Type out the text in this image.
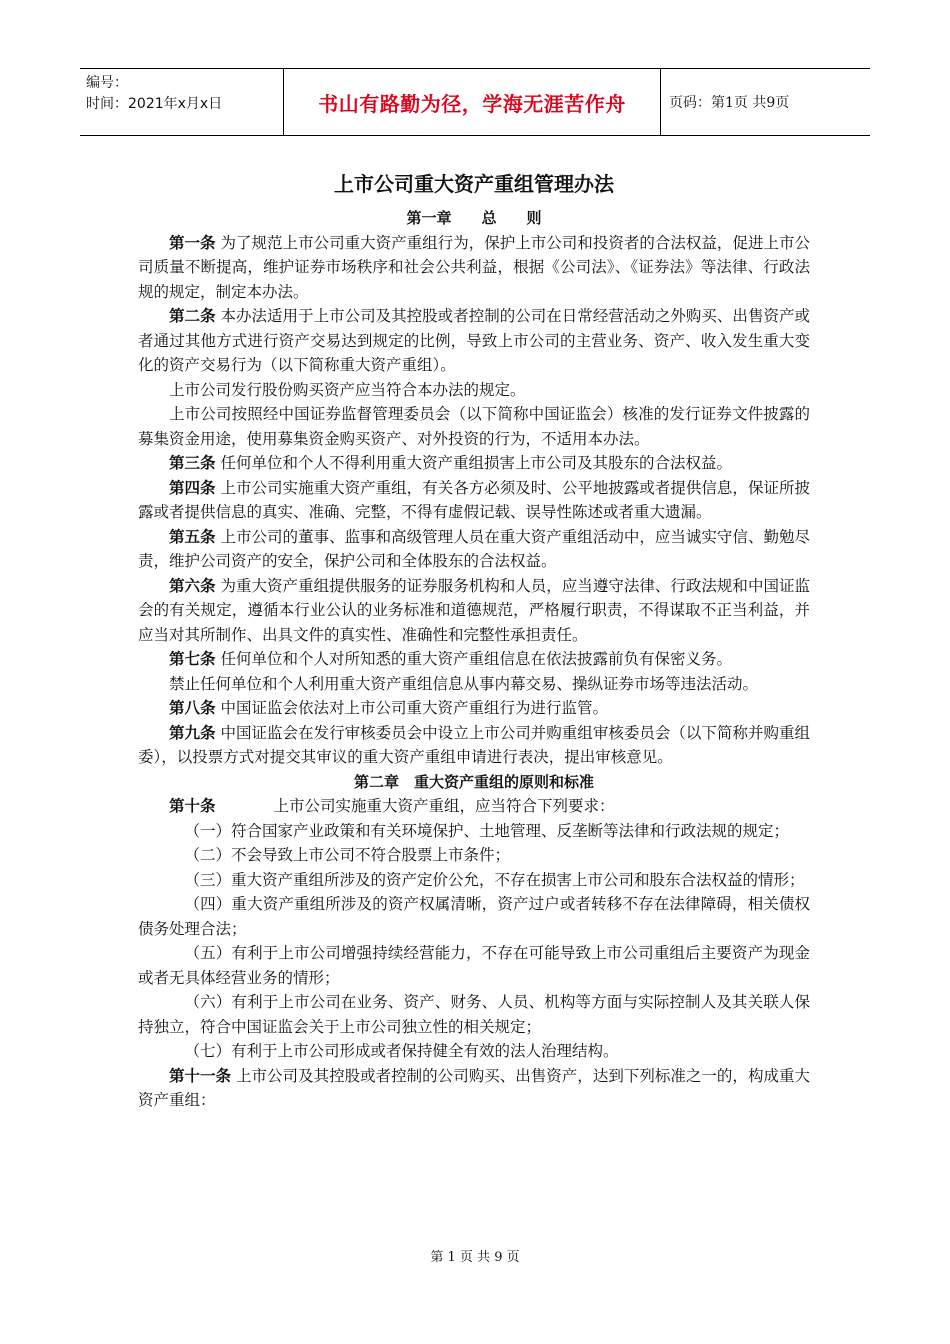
编号：
时间：2021年x月x日	书山有路勤为径，学海无涯苦作舟	页码：第1页 共9页
上市公司重大资产重组管理办法
第一章　　总　　则

第一条 为了规范上市公司重大资产重组行为，保护上市公司和投资者的合法权益，促进上市公司质量不断提高，维护证券市场秩序和社会公共利益，根据《公司法》、《证券法》等法律、行政法规的规定，制定本办法。

第二条 本办法适用于上市公司及其控股或者控制的公司在日常经营活动之外购买、出售资产或者通过其他方式进行资产交易达到规定的比例，导致上市公司的主营业务、资产、收入发生重大变化的资产交易行为（以下简称重大资产重组）。

上市公司发行股份购买资产应当符合本办法的规定。

上市公司按照经中国证券监督管理委员会（以下简称中国证监会）核准的发行证券文件披露的募集资金用途，使用募集资金购买资产、对外投资的行为，不适用本办法。

第三条 任何单位和个人不得利用重大资产重组损害上市公司及其股东的合法权益。

第四条 上市公司实施重大资产重组，有关各方必须及时、公平地披露或者提供信息，保证所披露或者提供信息的真实、准确、完整，不得有虚假记载、误导性陈述或者重大遗漏。

第五条 上市公司的董事、监事和高级管理人员在重大资产重组活动中，应当诚实守信、勤勉尽责，维护公司资产的安全，保护公司和全体股东的合法权益。

第六条 为重大资产重组提供服务的证券服务机构和人员，应当遵守法律、行政法规和中国证监会的有关规定，遵循本行业公认的业务标准和道德规范，严格履行职责，不得谋取不正当利益，并应当对其所制作、出具文件的真实性、准确性和完整性承担责任。

第七条 任何单位和个人对所知悉的重大资产重组信息在依法披露前负有保密义务。

禁止任何单位和个人利用重大资产重组信息从事内幕交易、操纵证券市场等违法活动。

第八条 中国证监会依法对上市公司重大资产重组行为进行监管。

第九条 中国证监会在发行审核委员会中设立上市公司并购重组审核委员会（以下简称并购重组委），以投票方式对提交其审议的重大资产重组申请进行表决，提出审核意见。

第二章　重大资产重组的原则和标准

第十条	上市公司实施重大资产重组，应当符合下列要求：

（一）符合国家产业政策和有关环境保护、土地管理、反垄断等法律和行政法规的规定；

（二）不会导致上市公司不符合股票上市条件；

（三）重大资产重组所涉及的资产定价公允，不存在损害上市公司和股东合法权益的情形；

（四）重大资产重组所涉及的资产权属清晰，资产过户或者转移不存在法律障碍，相关债权债务处理合法；

（五）有利于上市公司增强持续经营能力，不存在可能导致上市公司重组后主要资产为现金或者无具体经营业务的情形；

（六）有利于上市公司在业务、资产、财务、人员、机构等方面与实际控制人及其关联人保持独立，符合中国证监会关于上市公司独立性的相关规定；

（七）有利于上市公司形成或者保持健全有效的法人治理结构。

第十一条 上市公司及其控股或者控制的公司购买、出售资产，达到下列标准之一的，构成重大资产重组：

第 1 页 共 9 页
